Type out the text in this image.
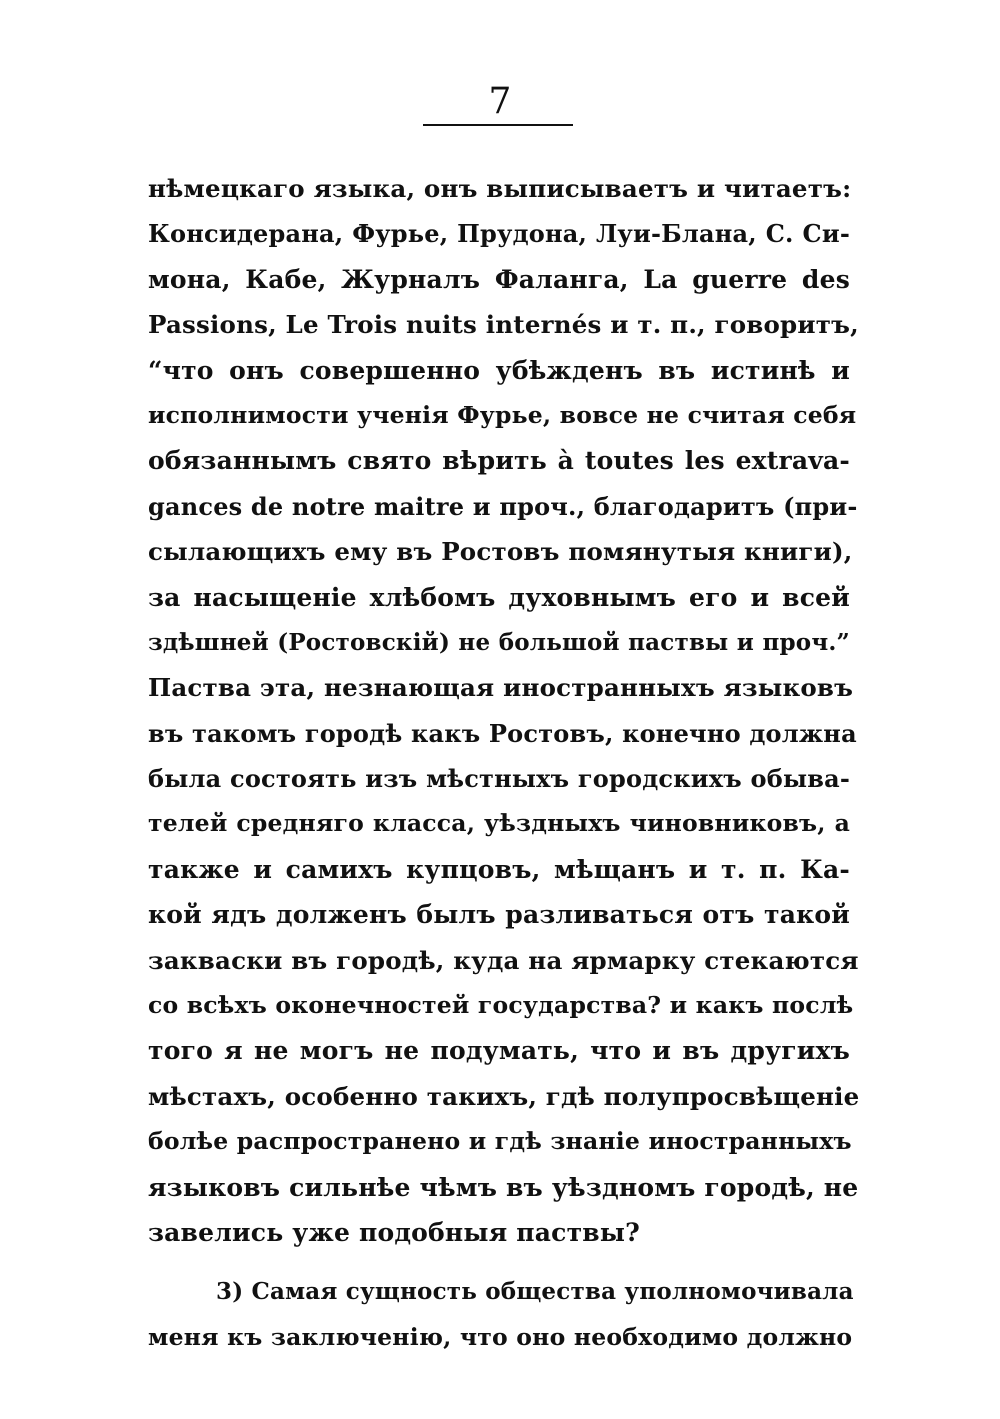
7
нѣмецкаго языка, онъ выписываетъ и читаетъ:
Консидерана, Фурье, Прудона, Луи-Блана, С. Си-
мона, Кабе, Журналъ Фаланга, La guerre des
Passions, Le Trois nuits internés и т. п., говоритъ,
“что онъ совершенно убѣжденъ въ истинѣ и
исполнимости ученія Фурье, вовсе не считая себя
обязаннымъ свято вѣрить à toutes les extrava-
gances de notre maitre и проч., благодаритъ (при-
сылающихъ ему въ Ростовъ помянутыя книги),
за насыщеніе хлѣбомъ духовнымъ его и всей
здѣшней (Ростовскій) не большой паствы и проч.”
Паства эта, незнающая иностранныхъ языковъ
въ такомъ городѣ какъ Ростовъ, конечно должна
была состоять изъ мѣстныхъ городскихъ обыва-
телей средняго класса, уѣздныхъ чиновниковъ, а
также и самихъ купцовъ, мѣщанъ и т. п. Ка-
кой ядъ долженъ былъ разливаться отъ такой
закваски въ городѣ, куда на ярмарку стекаются
со всѣхъ оконечностей государства? и какъ послѣ
того я не могъ не подумать, что и въ другихъ
мѣстахъ, особенно такихъ, гдѣ полупросвѣщеніе
болѣе распространено и гдѣ знаніе иностранныхъ
языковъ сильнѣе чѣмъ въ уѣздномъ городѣ, не
завелись уже подобныя паствы?
3) Самая сущность общества уполномочивала
меня къ заключенію, что оно необходимо должно
